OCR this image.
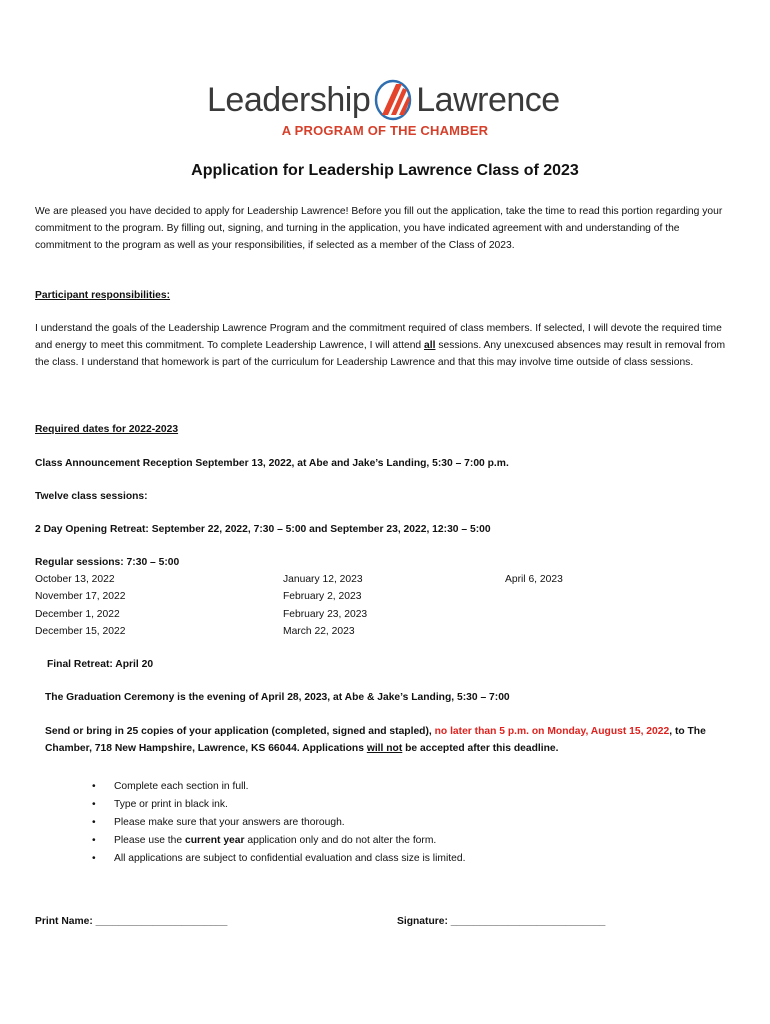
Leadership Lawrence
A PROGRAM OF THE CHAMBER
Application for Leadership Lawrence Class of 2023

We are pleased you have decided to apply for Leadership Lawrence! Before you fill out the application, take the time to read this portion regarding your commitment to the program. By filling out, signing, and turning in the application, you have indicated agreement with and understanding of the commitment to the program as well as your responsibilities, if selected as a member of the Class of 2023.

Participant responsibilities:

I understand the goals of the Leadership Lawrence Program and the commitment required of class members. If selected, I will devote the required time and energy to meet this commitment. To complete Leadership Lawrence, I will attend all sessions. Any unexcused absences may result in removal from the class. I understand that homework is part of the curriculum for Leadership Lawrence and that this may involve time outside of class sessions.

Required dates for 2022-2023

Class Announcement Reception September 13, 2022, at Abe and Jake’s Landing, 5:30 – 7:00 p.m.

Twelve class sessions:

2 Day Opening Retreat: September 22, 2022, 7:30 – 5:00 and September 23, 2022, 12:30 – 5:00

Regular sessions: 7:30 – 5:00

October 13, 2022
November 17, 2022
December 1, 2022
December 15, 2022
January 12, 2023
February 2, 2023
February 23, 2023
March 22, 2023
April 6, 2023

Final Retreat: April 20

The Graduation Ceremony is the evening of April 28, 2023, at Abe & Jake’s Landing, 5:30 – 7:00

Send or bring in 25 copies of your application (completed, signed and stapled), no later than 5 p.m. on Monday, August 15, 2022, to The Chamber, 718 New Hampshire, Lawrence, KS 66044. Applications will not be accepted after this deadline.

• Complete each section in full.
• Type or print in black ink.
• Please make sure that your answers are thorough.
• Please use the current year application only and do not alter the form.
• All applications are subject to confidential evaluation and class size is limited.
Print Name: _______________________	Signature: ___________________________
